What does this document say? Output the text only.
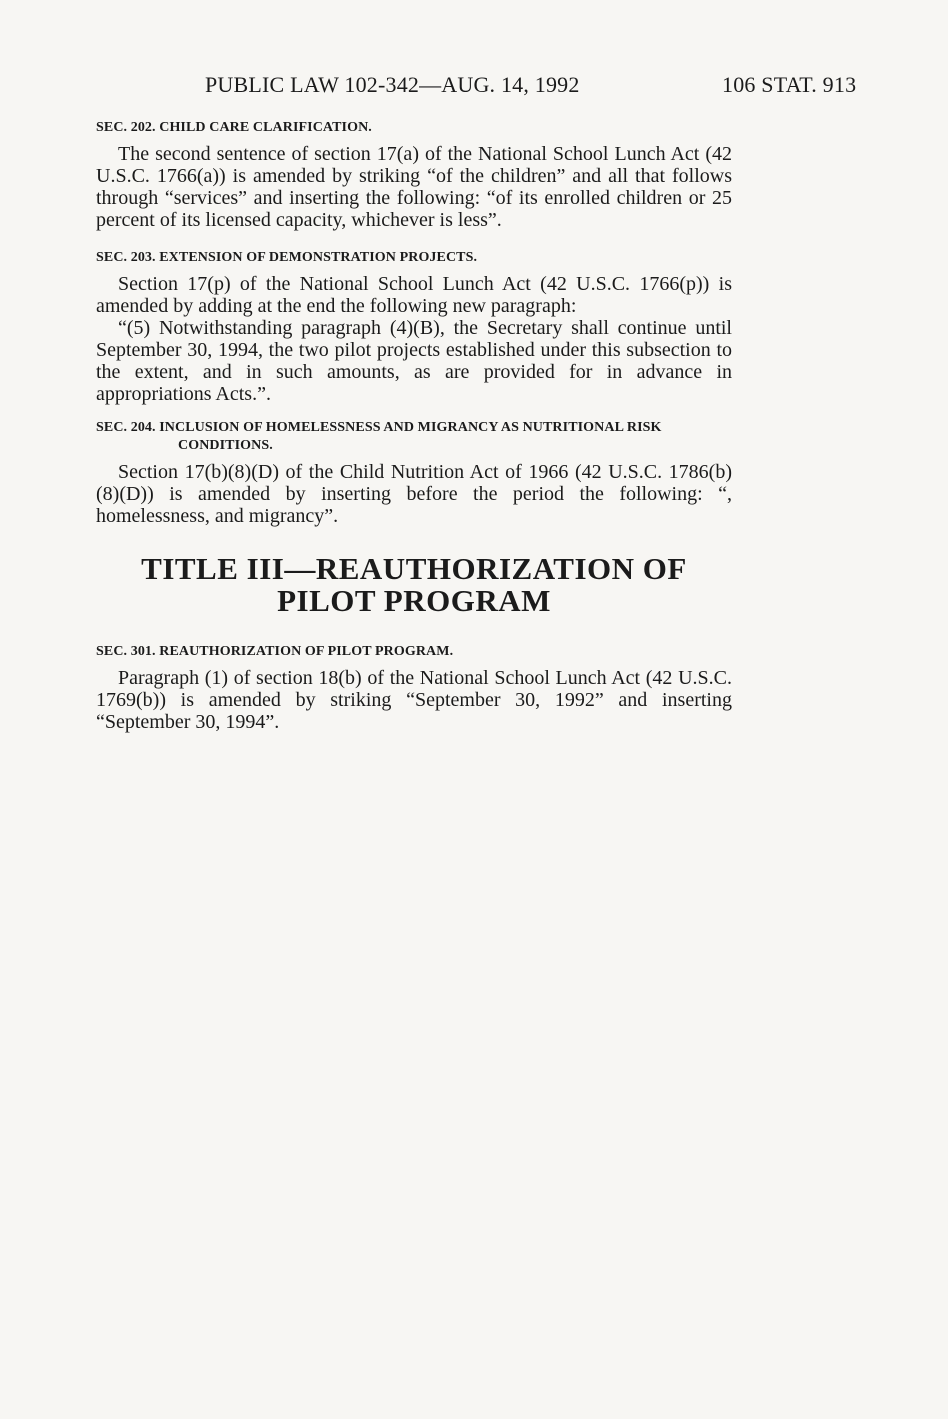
PUBLIC LAW 102-342—AUG. 14, 1992	106 STAT. 913

SEC. 202. CHILD CARE CLARIFICATION.

The second sentence of section 17(a) of the National School Lunch Act (42 U.S.C. 1766(a)) is amended by striking “of the children” and all that follows through “services” and inserting the following: “of its enrolled children or 25 percent of its licensed capacity, whichever is less”.

SEC. 203. EXTENSION OF DEMONSTRATION PROJECTS.

Section 17(p) of the National School Lunch Act (42 U.S.C. 1766(p)) is amended by adding at the end the following new paragraph:

“(5) Notwithstanding paragraph (4)(B), the Secretary shall continue until September 30, 1994, the two pilot projects established under this subsection to the extent, and in such amounts, as are provided for in advance in appropriations Acts.”.

SEC. 204. INCLUSION OF HOMELESSNESS AND MIGRANCY AS NUTRITIONAL RISK CONDITIONS.

Section 17(b)(8)(D) of the Child Nutrition Act of 1966 (42 U.S.C. 1786(b)(8)(D)) is amended by inserting before the period the following: “, homelessness, and migrancy”.

TITLE III—REAUTHORIZATION OF
PILOT PROGRAM

SEC. 301. REAUTHORIZATION OF PILOT PROGRAM.

Paragraph (1) of section 18(b) of the National School Lunch Act (42 U.S.C. 1769(b)) is amended by striking “September 30, 1992” and inserting “September 30, 1994”.
